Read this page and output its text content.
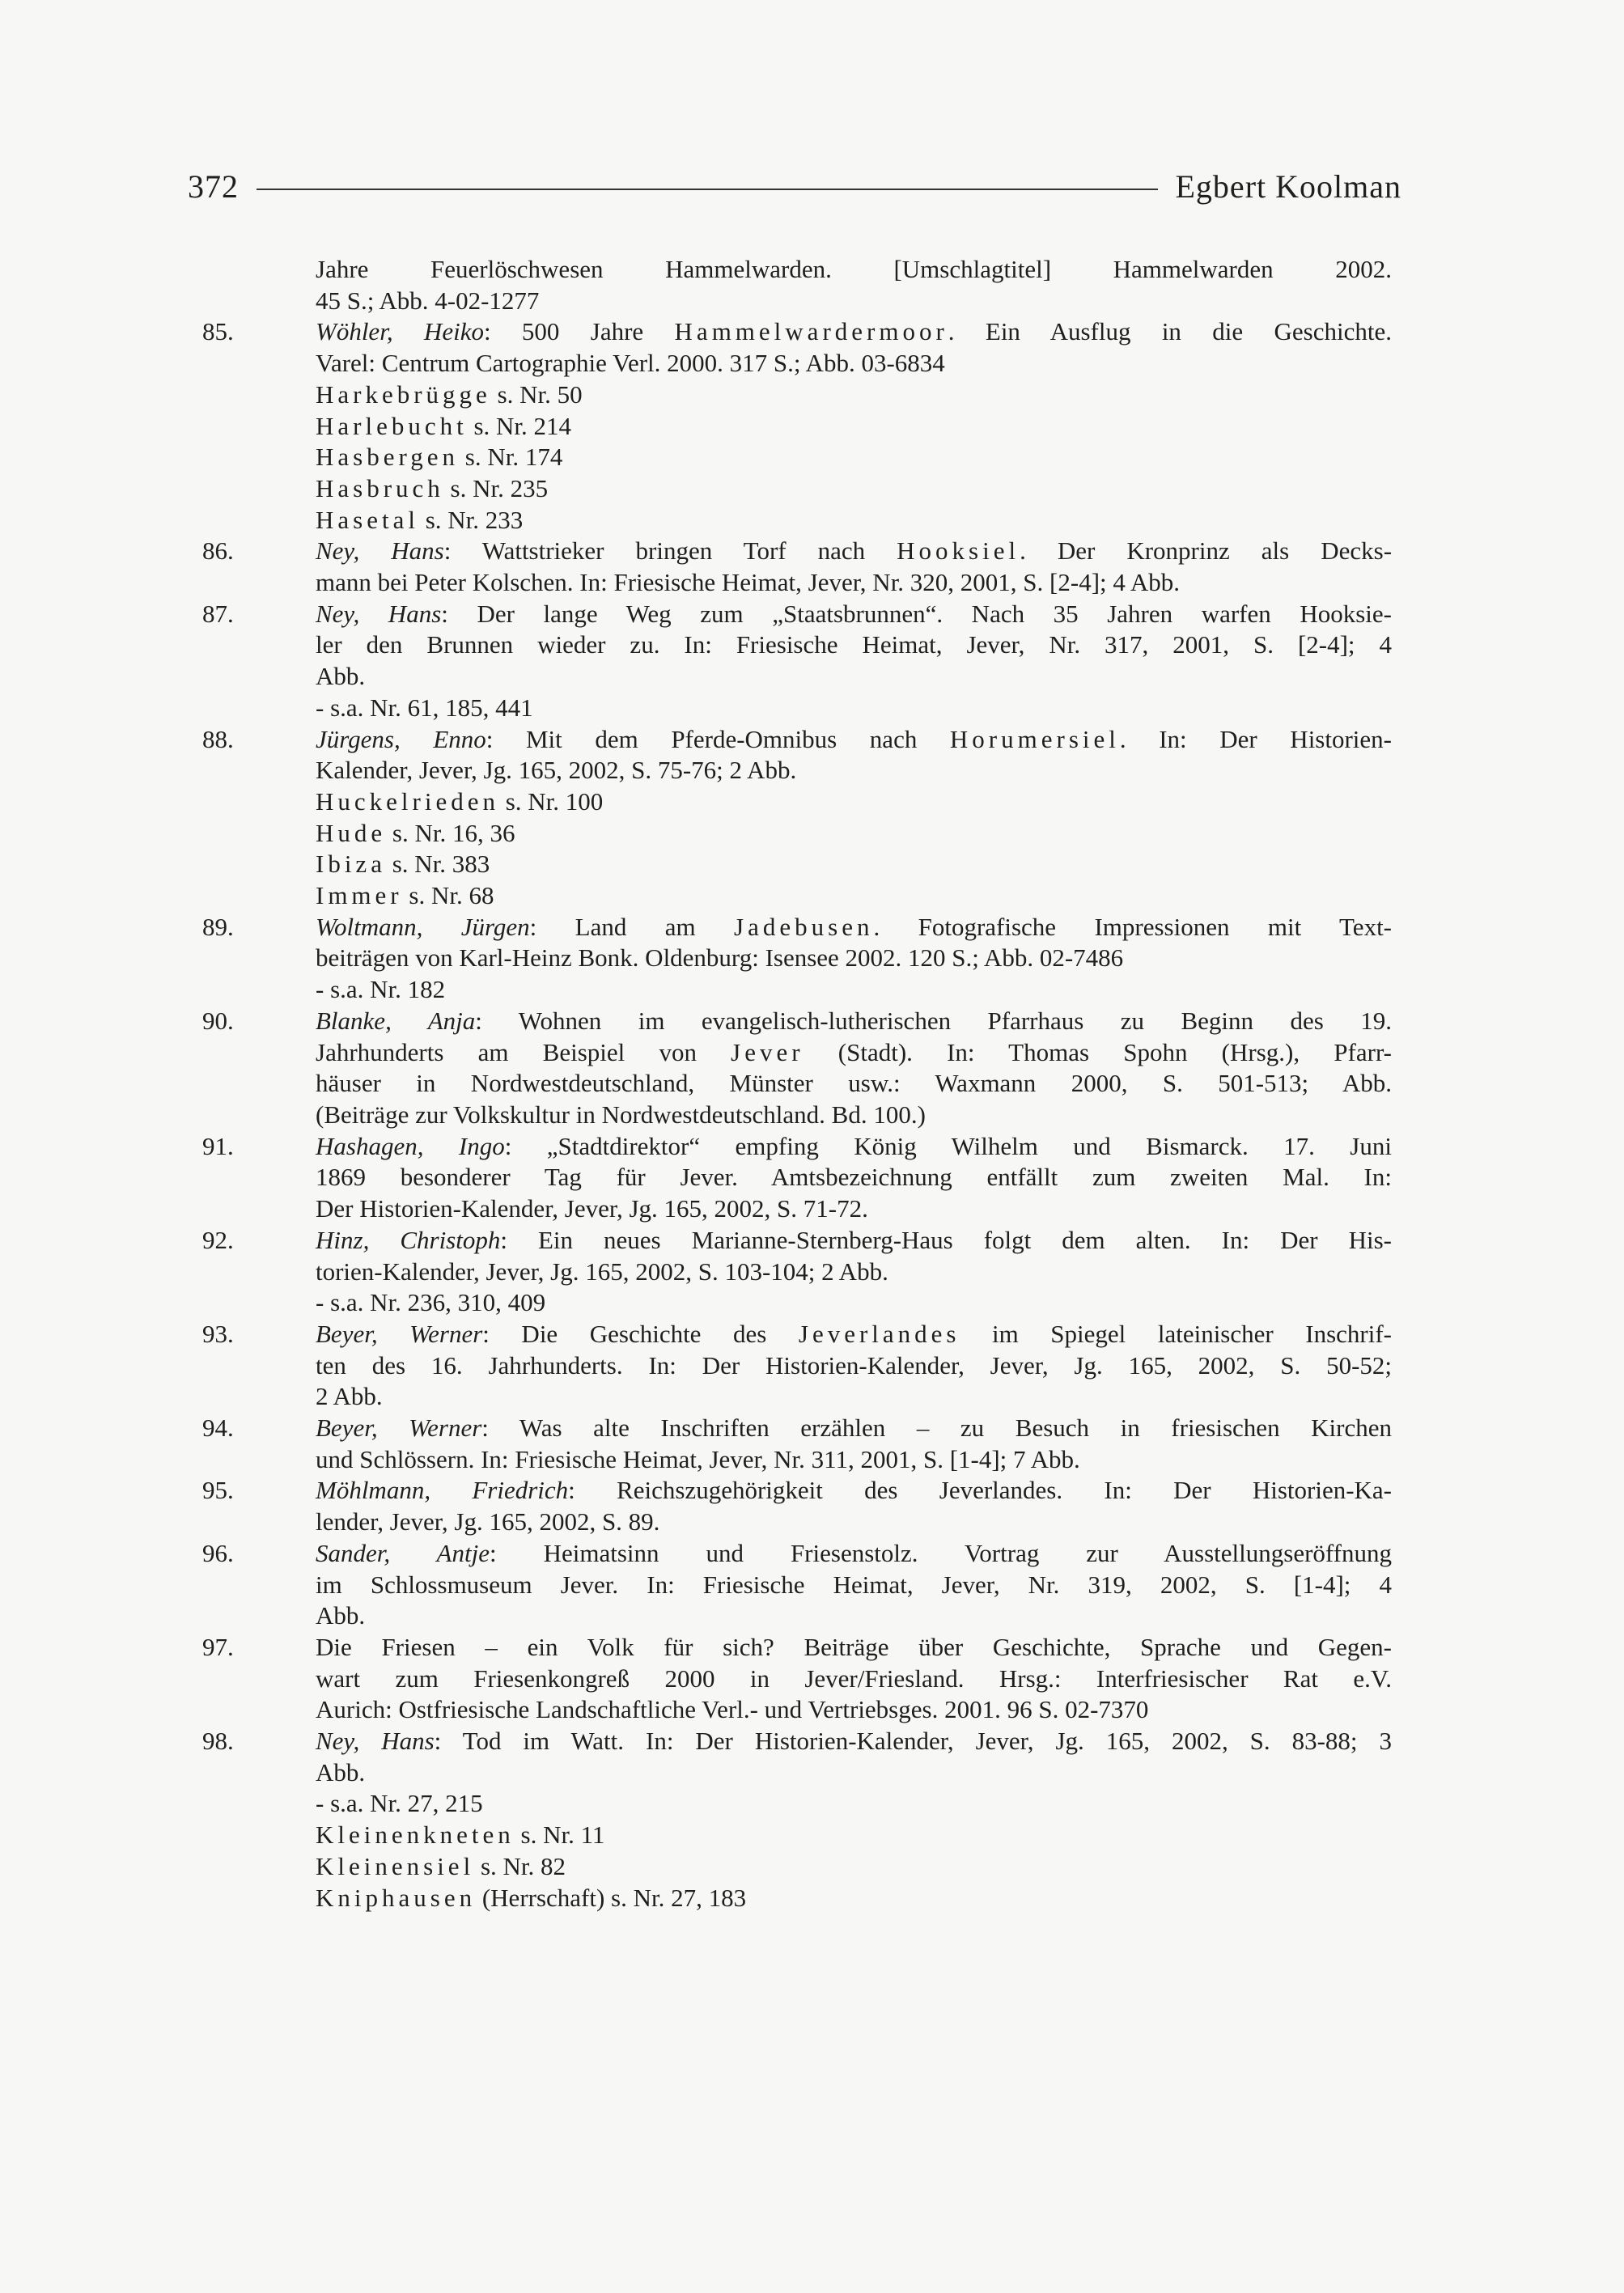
372	Egbert Koolman
Jahre Feuerlöschwesen Hammelwarden. [Umschlagtitel] Hammelwarden 2002.
45 S.; Abb. 4-02-1277
85.	Wöhler, Heiko: 500 Jahre Hammelwardermoor. Ein Ausflug in die Geschichte.
Varel: Centrum Cartographie Verl. 2000. 317 S.; Abb. 03-6834
Harkebrügge s. Nr. 50
Harlebucht s. Nr. 214
Hasbergen s. Nr. 174
Hasbruch s. Nr. 235
Hasetal s. Nr. 233
86.	Ney, Hans: Wattstrieker bringen Torf nach Hooksiel. Der Kronprinz als Decks-
mann bei Peter Kolschen. In: Friesische Heimat, Jever, Nr. 320, 2001, S. [2-4]; 4 Abb.
87.	Ney, Hans: Der lange Weg zum „Staatsbrunnen“. Nach 35 Jahren warfen Hooksie-
ler den Brunnen wieder zu. In: Friesische Heimat, Jever, Nr. 317, 2001, S. [2-4]; 4
Abb.
- s.a. Nr. 61, 185, 441
88.	Jürgens, Enno: Mit dem Pferde-Omnibus nach Horumersiel. In: Der Historien-
Kalender, Jever, Jg. 165, 2002, S. 75-76; 2 Abb.
Huckelrieden s. Nr. 100
Hude s. Nr. 16, 36
Ibiza s. Nr. 383
Immer s. Nr. 68
89.	Woltmann, Jürgen: Land am Jadebusen. Fotografische Impressionen mit Text-
beiträgen von Karl-Heinz Bonk. Oldenburg: Isensee 2002. 120 S.; Abb. 02-7486
- s.a. Nr. 182
90.	Blanke, Anja: Wohnen im evangelisch-lutherischen Pfarrhaus zu Beginn des 19.
Jahrhunderts am Beispiel von Jever (Stadt). In: Thomas Spohn (Hrsg.), Pfarr-
häuser in Nordwestdeutschland, Münster usw.: Waxmann 2000, S. 501-513; Abb.
(Beiträge zur Volkskultur in Nordwestdeutschland. Bd. 100.)
91.	Hashagen, Ingo: „Stadtdirektor“ empfing König Wilhelm und Bismarck. 17. Juni
1869 besonderer Tag für Jever. Amtsbezeichnung entfällt zum zweiten Mal. In:
Der Historien-Kalender, Jever, Jg. 165, 2002, S. 71-72.
92.	Hinz, Christoph: Ein neues Marianne-Sternberg-Haus folgt dem alten. In: Der His-
torien-Kalender, Jever, Jg. 165, 2002, S. 103-104; 2 Abb.
- s.a. Nr. 236, 310, 409
93.	Beyer, Werner: Die Geschichte des Jeverlandes im Spiegel lateinischer Inschrif-
ten des 16. Jahrhunderts. In: Der Historien-Kalender, Jever, Jg. 165, 2002, S. 50-52;
2 Abb.
94.	Beyer, Werner: Was alte Inschriften erzählen – zu Besuch in friesischen Kirchen
und Schlössern. In: Friesische Heimat, Jever, Nr. 311, 2001, S. [1-4]; 7 Abb.
95.	Möhlmann, Friedrich: Reichszugehörigkeit des Jeverlandes. In: Der Historien-Ka-
lender, Jever, Jg. 165, 2002, S. 89.
96.	Sander, Antje: Heimatsinn und Friesenstolz. Vortrag zur Ausstellungseröffnung
im Schlossmuseum Jever. In: Friesische Heimat, Jever, Nr. 319, 2002, S. [1-4]; 4
Abb.
97.	Die Friesen – ein Volk für sich? Beiträge über Geschichte, Sprache und Gegen-
wart zum Friesenkongreß 2000 in Jever/Friesland. Hrsg.: Interfriesischer Rat e.V.
Aurich: Ostfriesische Landschaftliche Verl.- und Vertriebsges. 2001. 96 S. 02-7370
98.	Ney, Hans: Tod im Watt. In: Der Historien-Kalender, Jever, Jg. 165, 2002, S. 83-88; 3
Abb.
- s.a. Nr. 27, 215
Kleinenkneten s. Nr. 11
Kleinensiel s. Nr. 82
Kniphausen (Herrschaft) s. Nr. 27, 183
